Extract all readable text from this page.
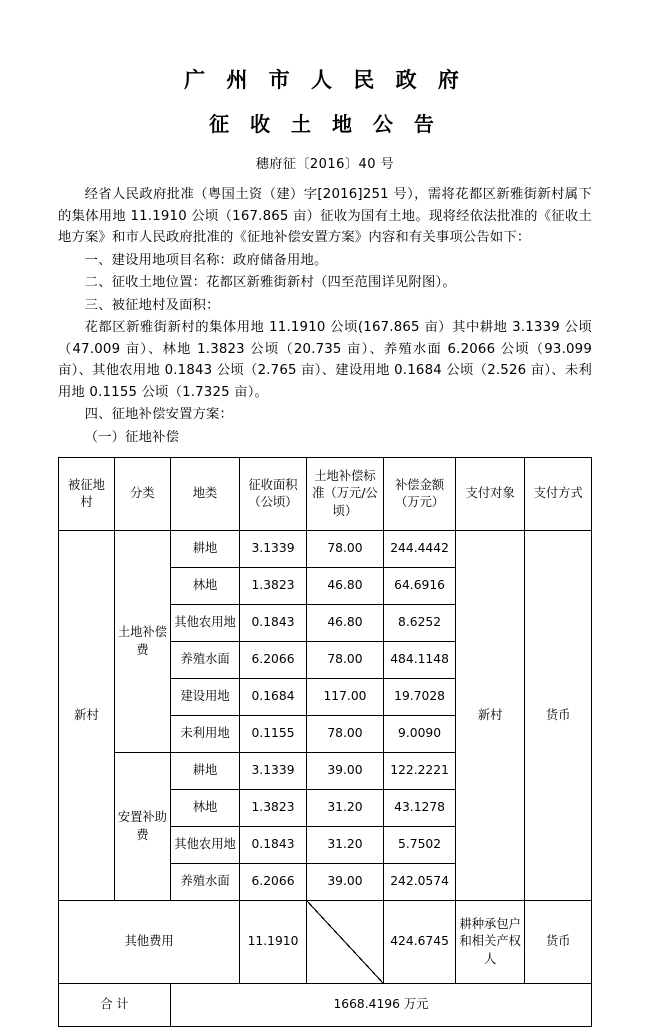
广 州 市 人 民 政 府
征 收 土 地 公 告
穗府征〔2016〕40 号

经省人民政府批准（粤国土资（建）字[2016]251 号），需将花都区新雅街新村属下的集体用地 11.1910 公顷（167.865 亩）征收为国有土地。现将经依法批准的《征收土地方案》和市人民政府批准的《征地补偿安置方案》内容和有关事项公告如下：

一、建设用地项目名称：政府储备用地。

二、征收土地位置：花都区新雅街新村（四至范围详见附图）。

三、被征地村及面积：

花都区新雅街新村的集体用地 11.1910 公顷(167.865 亩）其中耕地 3.1339 公顷（47.009 亩）、林地 1.3823 公顷（20.735 亩）、养殖水面 6.2066 公顷（93.099 亩）、其他农用地 0.1843 公顷（2.765 亩）、建设用地 0.1684 公顷（2.526 亩）、未利用地 0.1155 公顷（1.7325 亩）。

四、征地补偿安置方案：

（一）征地补偿

被征地村	分类	地类	征收面积（公顷）	土地补偿标准（万元/公顷）	补偿金额（万元）	支付对象	支付方式
新村	土地补偿费	耕地	3.1339	78.00	244.4442	新村	货币
		林地	1.3823	46.80	64.6916		
		其他农用地	0.1843	46.80	8.6252		
		养殖水面	6.2066	78.00	484.1148		
		建设用地	0.1684	117.00	19.7028		
		未利用地	0.1155	78.00	9.0090		
	安置补助费	耕地	3.1339	39.00	122.2221		
		林地	1.3823	31.20	43.1278		
		其他农用地	0.1843	31.20	5.7502		
		养殖水面	6.2066	39.00	242.0574		
其他费用			11.1910		424.6745	耕种承包户和相关产权人	货币
合 计		1668.4196 万元					
